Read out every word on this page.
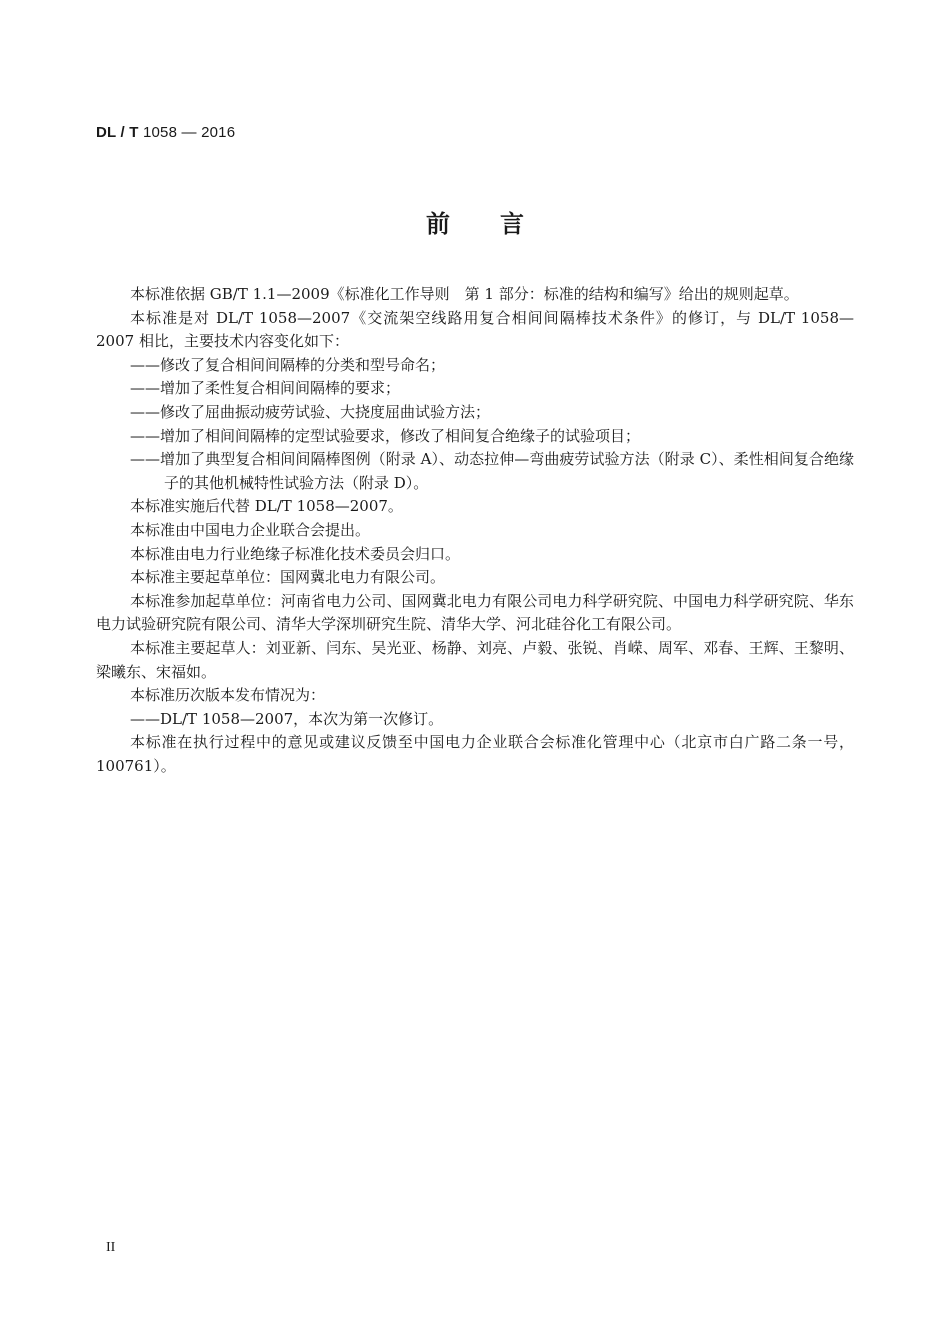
DL / T 1058 — 2016
前言

本标准依据 GB/T 1.1—2009《标准化工作导则　第 1 部分：标准的结构和编写》给出的规则起草。

本标准是对 DL/T 1058—2007《交流架空线路用复合相间间隔棒技术条件》的修订，与 DL/T 1058—2007 相比，主要技术内容变化如下：

——修改了复合相间间隔棒的分类和型号命名；

——增加了柔性复合相间间隔棒的要求；

——修改了屈曲振动疲劳试验、大挠度屈曲试验方法；

——增加了相间间隔棒的定型试验要求，修改了相间复合绝缘子的试验项目；

——增加了典型复合相间间隔棒图例（附录 A）、动态拉伸—弯曲疲劳试验方法（附录 C）、柔性相间复合绝缘子的其他机械特性试验方法（附录 D）。

本标准实施后代替 DL/T 1058—2007。

本标准由中国电力企业联合会提出。

本标准由电力行业绝缘子标准化技术委员会归口。

本标准主要起草单位：国网冀北电力有限公司。

本标准参加起草单位：河南省电力公司、国网冀北电力有限公司电力科学研究院、中国电力科学研究院、华东电力试验研究院有限公司、清华大学深圳研究生院、清华大学、河北硅谷化工有限公司。

本标准主要起草人：刘亚新、闫东、吴光亚、杨静、刘亮、卢毅、张锐、肖嵘、周军、邓春、王辉、王黎明、梁曦东、宋福如。

本标准历次版本发布情况为：

——DL/T 1058—2007，本次为第一次修订。

本标准在执行过程中的意见或建议反馈至中国电力企业联合会标准化管理中心（北京市白广路二条一号，100761）。

II
